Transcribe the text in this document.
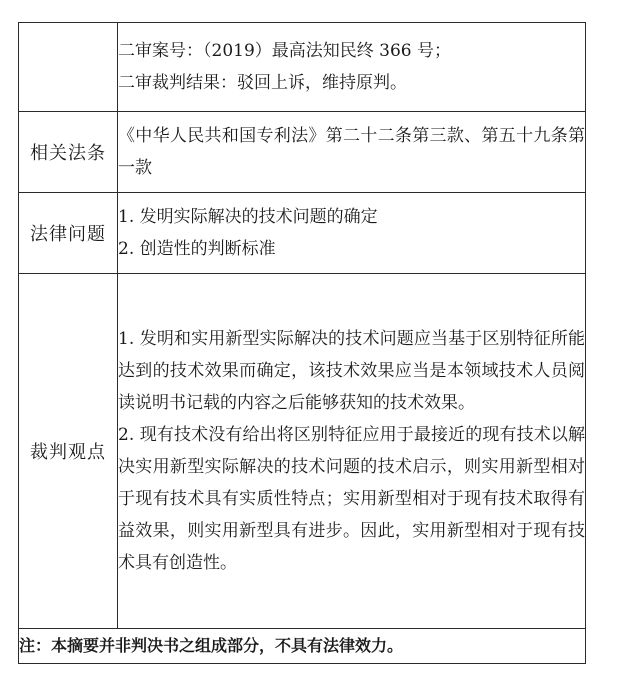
	二审案号：（2019）最高法知民终 366 号；
二审裁判结果：驳回上诉，维持原判。

相关法条	《中华人民共和国专利法》第二十二条第三款、第五十九条第一款

法律问题	1. 发明实际解决的技术问题的确定
2. 创造性的判断标准

裁判观点	1. 发明和实用新型实际解决的技术问题应当基于区别特征所能达到的技术效果而确定，该技术效果应当是本领域技术人员阅读说明书记载的内容之后能够获知的技术效果。
2. 现有技术没有给出将区别特征应用于最接近的现有技术以解决实用新型实际解决的技术问题的技术启示，则实用新型相对于现有技术具有实质性特点；实用新型相对于现有技术取得有益效果，则实用新型具有进步。因此，实用新型相对于现有技术具有创造性。

注：本摘要并非判决书之组成部分，不具有法律效力。	
